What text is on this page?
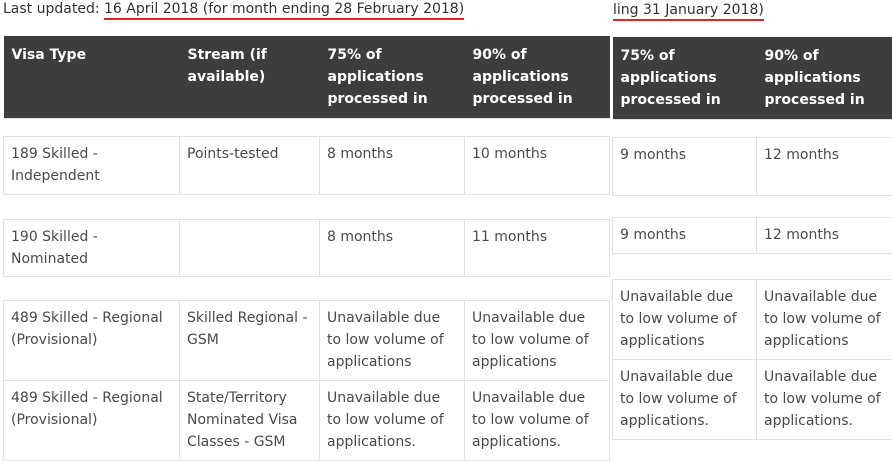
Last updated: 16 April 2018 (for month ending 28 February 2018)	ling 31 January 2018)
Visa Type	Stream (if available)	75% of applications processed in	90% of applications processed in

189 Skilled - Independent	Points-tested	8 months	10 months

190 Skilled - Nominated		8 months	11 months

489 Skilled - Regional (Provisional)	Skilled Regional - GSM	Unavailable due to low volume of applications	Unavailable due to low volume of applications
489 Skilled - Regional (Provisional)	State/Territory Nominated Visa Classes - GSM	Unavailable due to low volume of applications.	Unavailable due to low volume of applications.
75% of applications processed in	90% of applications processed in

9 months	12 months

9 months	12 months

Unavailable due to low volume of applications	Unavailable due to low volume of applications
Unavailable due to low volume of applications.	Unavailable due to low volume of applications.
